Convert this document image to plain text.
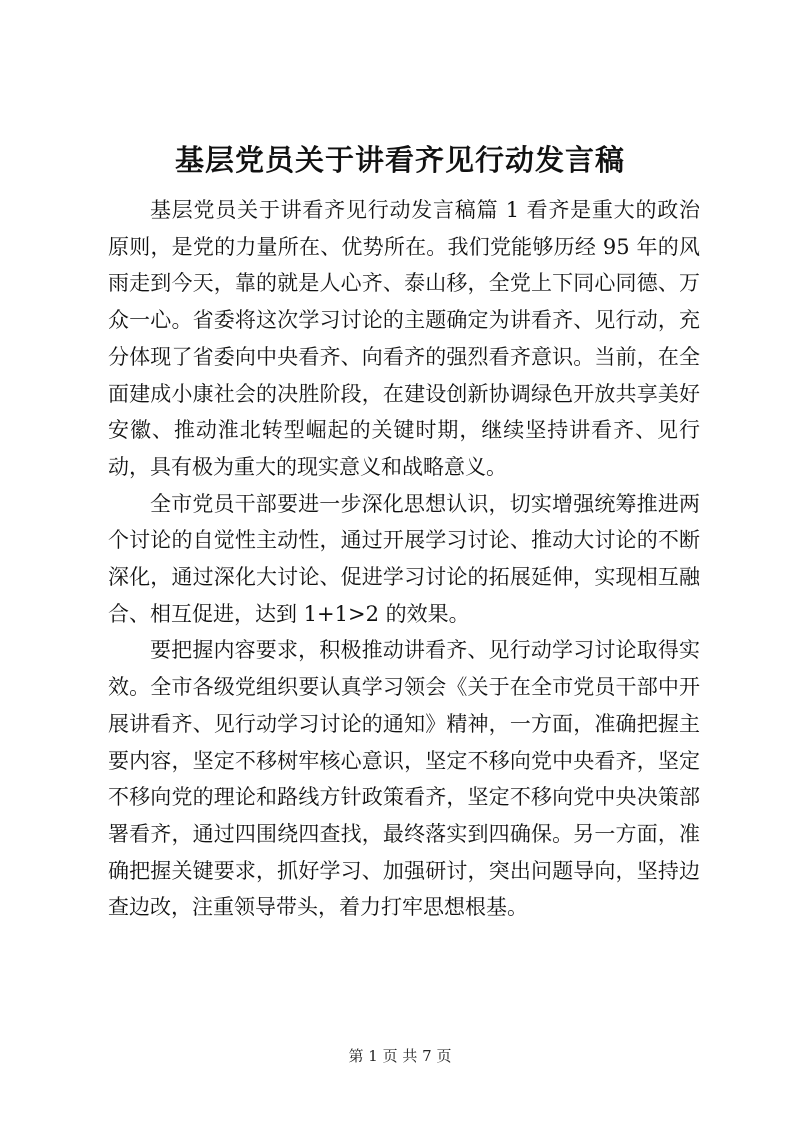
基层党员关于讲看齐见行动发言稿

基层党员关于讲看齐见行动发言稿篇 1 看齐是重大的政治原则，是党的力量所在、优势所在。我们党能够历经 95 年的风雨走到今天，靠的就是人心齐、泰山移，全党上下同心同德、万众一心。省委将这次学习讨论的主题确定为讲看齐、见行动，充分体现了省委向中央看齐、向看齐的强烈看齐意识。当前，在全面建成小康社会的决胜阶段，在建设创新协调绿色开放共享美好安徽、推动淮北转型崛起的关键时期，继续坚持讲看齐、见行动，具有极为重大的现实意义和战略意义。

全市党员干部要进一步深化思想认识，切实增强统筹推进两个讨论的自觉性主动性，通过开展学习讨论、推动大讨论的不断深化，通过深化大讨论、促进学习讨论的拓展延伸，实现相互融合、相互促进，达到 1+1>2 的效果。

要把握内容要求，积极推动讲看齐、见行动学习讨论取得实效。全市各级党组织要认真学习领会《关于在全市党员干部中开展讲看齐、见行动学习讨论的通知》精神，一方面，准确把握主要内容，坚定不移树牢核心意识，坚定不移向党中央看齐，坚定不移向党的理论和路线方针政策看齐，坚定不移向党中央决策部署看齐，通过四围绕四查找，最终落实到四确保。另一方面，准确把握关键要求，抓好学习、加强研讨，突出问题导向，坚持边查边改，注重领导带头，着力打牢思想根基。

第 1 页 共 7 页
